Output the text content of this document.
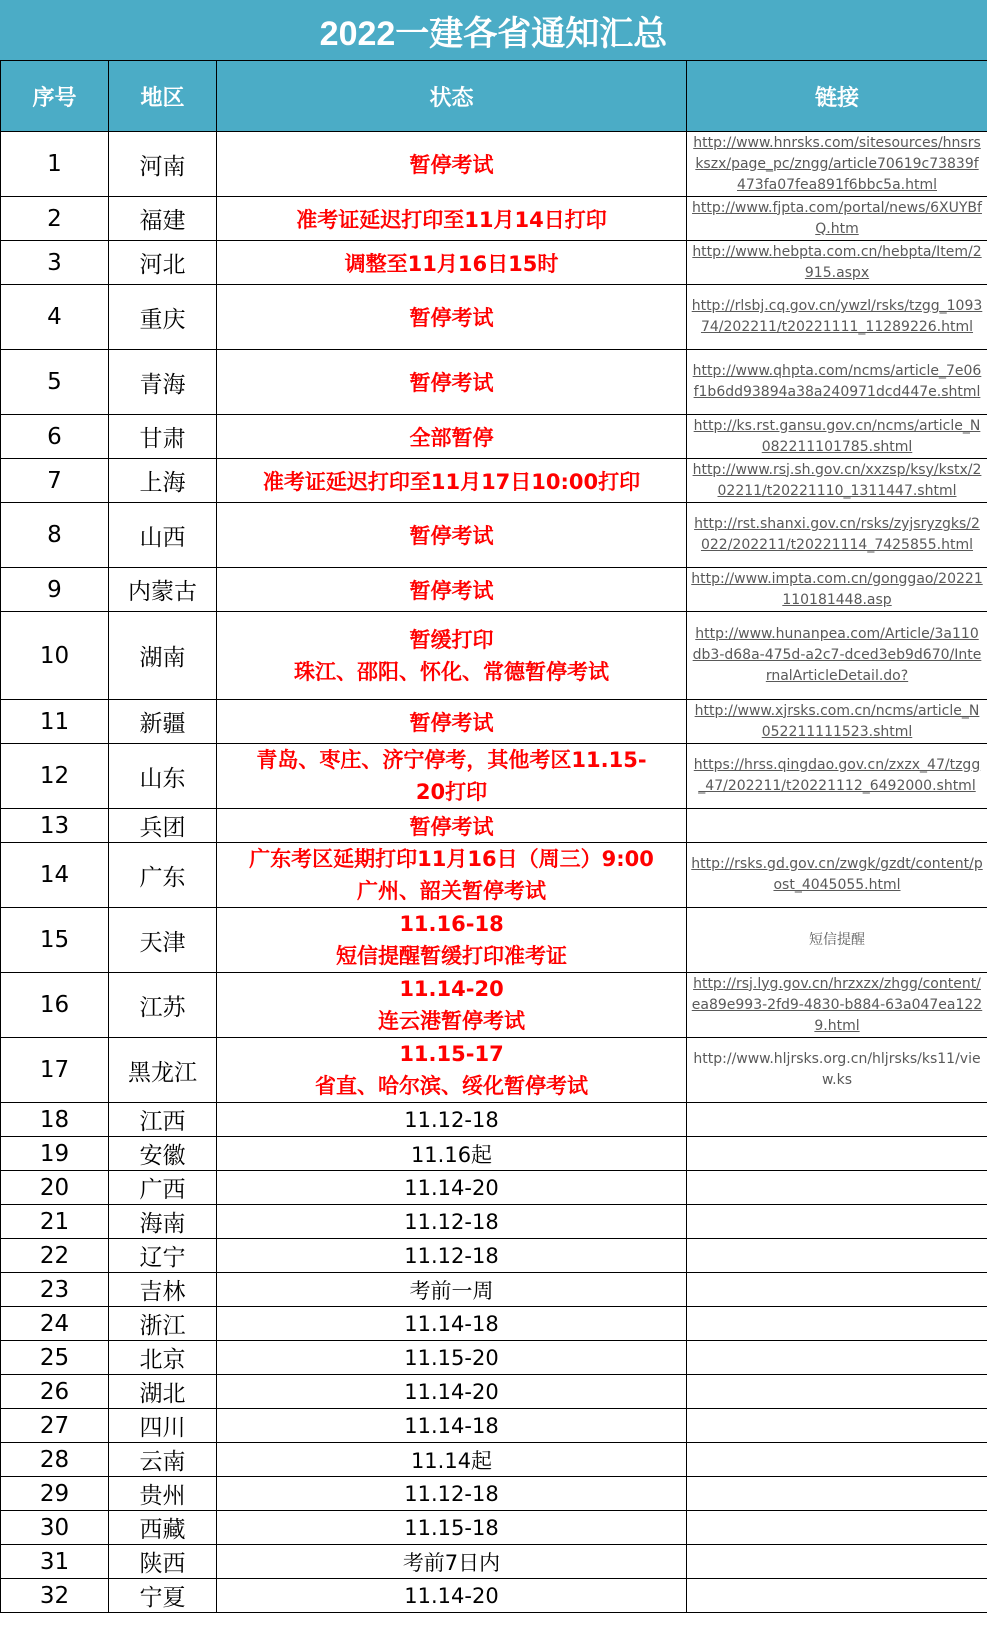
2022一建各省通知汇总
序号	地区	状态	链接
1	河南	暂停考试	http://www.hnrsks.com/sitesources/hnsrskszx/page_pc/zngg/article70619c73839f473fa07fea891f6bbc5a.html
2	福建	准考证延迟打印至11月14日打印	http://www.fjpta.com/portal/news/6XUYBfQ.htm
3	河北	调整至11月16日15时	http://www.hebpta.com.cn/hebpta/Item/2915.aspx
4	重庆	暂停考试	http://rlsbj.cq.gov.cn/ywzl/rsks/tzgg_109374/202211/t20221111_11289226.html
5	青海	暂停考试	http://www.qhpta.com/ncms/article_7e06f1b6dd93894a38a240971dcd447e.shtml
6	甘肃	全部暂停	http://ks.rst.gansu.gov.cn/ncms/article_N082211101785.shtml
7	上海	准考证延迟打印至11月17日10:00打印	http://www.rsj.sh.gov.cn/xxzsp/ksy/kstx/202211/t20221110_1311447.shtml
8	山西	暂停考试	http://rst.shanxi.gov.cn/rsks/zyjsryzgks/2022/202211/t20221114_7425855.html
9	内蒙古	暂停考试	http://www.impta.com.cn/gonggao/20221110181448.asp
10	湖南	暂缓打印
珠江、邵阳、怀化、常德暂停考试	http://www.hunanpea.com/Article/3a110db3-d68a-475d-a2c7-dced3eb9d670/InternalArticleDetail.do?
11	新疆	暂停考试	http://www.xjrsks.com.cn/ncms/article_N052211111523.shtml
12	山东	青岛、枣庄、济宁停考，其他考区11.15-
20打印	https://hrss.qingdao.gov.cn/zxzx_47/tzgg_47/202211/t20221112_6492000.shtml
13	兵团	暂停考试	

14	广东	广东考区延期打印11月16日（周三）9:00
广州、韶关暂停考试	http://rsks.gd.gov.cn/zwgk/gzdt/content/post_4045055.html
15	天津	11.16-18
短信提醒暂缓打印准考证	短信提醒
16	江苏	11.14-20
连云港暂停考试	http://rsj.lyg.gov.cn/hrzxzx/zhgg/content/ea89e993-2fd9-4830-b884-63a047ea1229.html
17	黑龙江	11.15-17
省直、哈尔滨、绥化暂停考试	http://www.hljrsks.org.cn/hljrsks/ks11/view.ks
18	江西	11.12-18	

19	安徽	11.16起	

20	广西	11.14-20	

21	海南	11.12-18	

22	辽宁	11.12-18	

23	吉林	考前一周	

24	浙江	11.14-18	

25	北京	11.15-20	

26	湖北	11.14-20	

27	四川	11.14-18	

28	云南	11.14起	

29	贵州	11.12-18	

30	西藏	11.15-18	

31	陕西	考前7日内	

32	宁夏	11.14-20	
